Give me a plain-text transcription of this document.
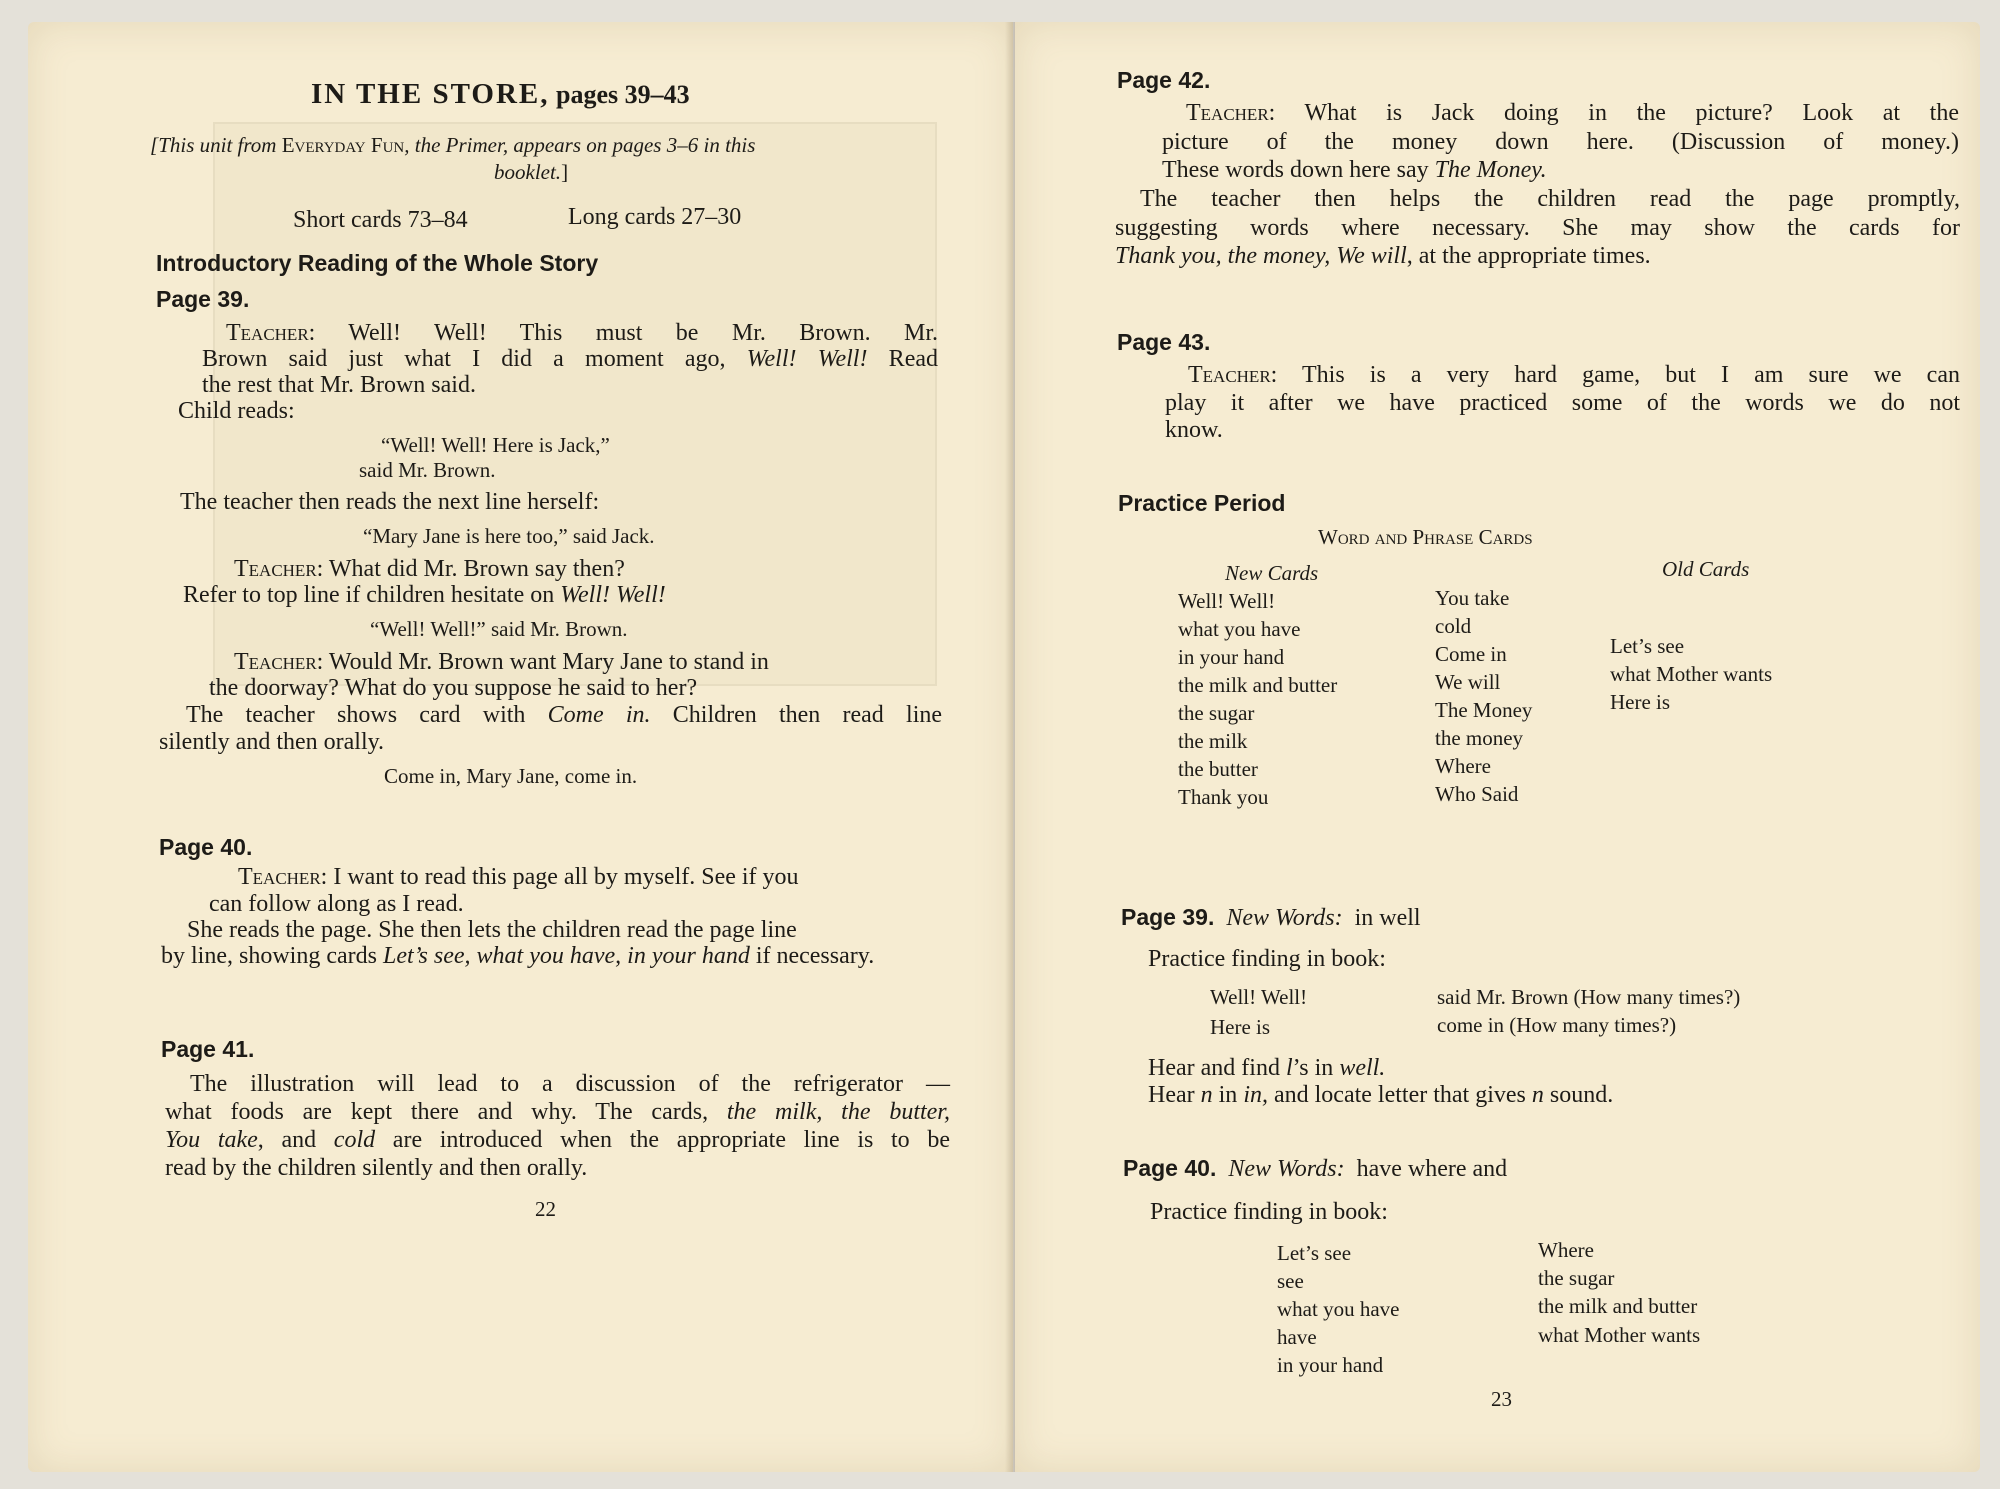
IN THE STORE, pages 39–43
[This unit from Everyday Fun, the Primer, appears on pages 3–6 in this
booklet.]
Short cards 73–84	Long cards 27–30
Introductory Reading of the Whole Story
Page 39.
Teacher: Well! Well! This must be Mr. Brown. Mr.
Brown said just what I did a moment ago, Well! Well! Read
the rest that Mr. Brown said.
Child reads:
“Well! Well! Here is Jack,”
said Mr. Brown.
The teacher then reads the next line herself:
“Mary Jane is here too,” said Jack.
Teacher: What did Mr. Brown say then?
Refer to top line if children hesitate on Well! Well!
“Well! Well!” said Mr. Brown.
Teacher: Would Mr. Brown want Mary Jane to stand in
the doorway? What do you suppose he said to her?
The teacher shows card with Come in. Children then read line
silently and then orally.
Come in, Mary Jane, come in.
Page 40.
Teacher: I want to read this page all by myself. See if you
can follow along as I read.
She reads the page. She then lets the children read the page line
by line, showing cards Let’s see, what you have, in your hand if necessary.
Page 41.
The illustration will lead to a discussion of the refrigerator —
what foods are kept there and why. The cards, the milk, the butter,
You take, and cold are introduced when the appropriate line is to be
read by the children silently and then orally.
22
Page 42.
Teacher: What is Jack doing in the picture? Look at the
picture of the money down here. (Discussion of money.)
These words down here say The Money.
The teacher then helps the children read the page promptly,
suggesting words where necessary. She may show the cards for
Thank you, the money, We will, at the appropriate times.
Page 43.
Teacher: This is a very hard game, but I am sure we can
play it after we have practiced some of the words we do not
know.
Practice Period
Word and Phrase Cards
New Cards	Old Cards
Well! Well!
what you have
in your hand
the milk and butter
the sugar
the milk
the butter
Thank you
You take
cold
Come in
We will
The Money
the money
Where
Who Said
Let’s see
what Mother wants
Here is
Page 39. New Words: in well
Practice finding in book:
Well! Well!
Here is
said Mr. Brown (How many times?)
come in (How many times?)
Hear and find l’s in well.
Hear n in in, and locate letter that gives n sound.
Page 40. New Words: have where and
Practice finding in book:
Let’s see
see
what you have
have
in your hand
Where
the sugar
the milk and butter
what Mother wants
23
